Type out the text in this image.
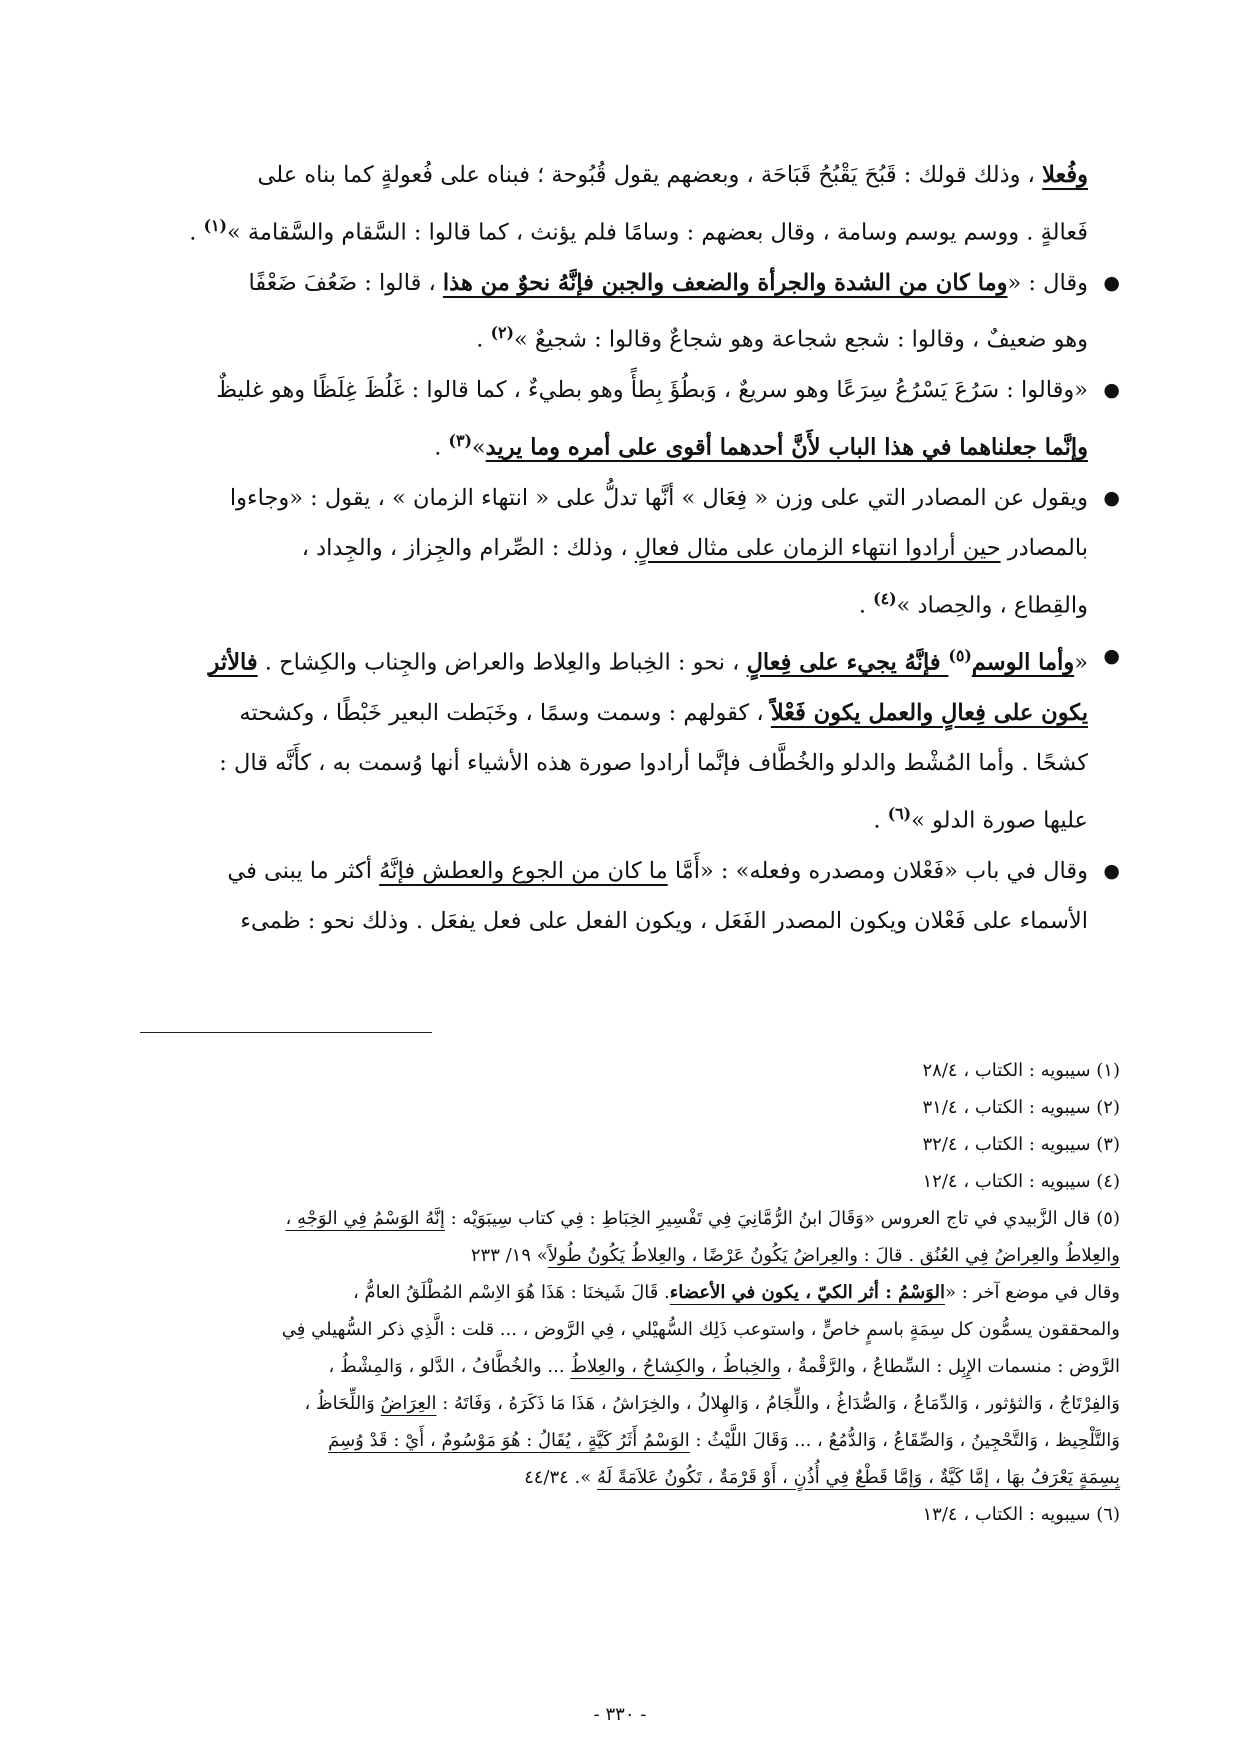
وفُعلا ، وذلك قولك : قَبُحَ يَقْبُحُ قَبَاحَة ، وبعضهم يقول قُبُوحة ؛ فبناه على فُعولةٍ كما بناه على

فَعالةٍ . ووسم يوسم وسامة ، وقال بعضهم : وسامًا فلم يؤنث ، كما قالوا : السَّقام والسَّقامة »$^{(١)}$ .

●
وقال : «وما كان من الشدة والجرأة والضعف والجبن فإنَّهُ نحوٌ من هذا ، قالوا : ضَعُفَ ضَعْفًا

وهو ضعيفٌ ، وقالوا : شجع شجاعة وهو شجاعٌ وقالوا : شجيعٌ »$^{(٢)}$ .

●
«وقالوا : سَرُعَ يَسْرُعُ سِرَعًا وهو سريعٌ ، وَبطُؤَ بِطأً وهو بطيءٌ ، كما قالوا : غَلُظَ غِلَظًا وهو غليظٌ

وإنَّما جعلناهما في هذا الباب لأَنَّ أحدهما أقوى على أمره وما يريد»$^{(٣)}$ .

●
ويقول عن المصادر التي على وزن « فِعَال » أنَّها تدلُّ على « انتهاء الزمان » ، يقول : «وجاءوا

بالمصادر حين أرادوا انتهاء الزمان على مثال فعالٍ ، وذلك : الصِّرام والجِزاز ، والجِداد ،

والقِطاع ، والحِصاد »$^{(٤)}$ .

●
«وأما الوسم$^{(٥)}$ فإنَّهُ يجيء على فِعالٍ ، نحو : الخِباط والعِلاط والعراض والجِناب والكِشاح . فالأثر

يكون على فِعالٍ والعمل يكون فَعْلاً ، كقولهم : وسمت وسمًا ، وخَبَطت البعير خَبْطًا ، وكشحته

كشحًا . وأما المُشْط والدلو والخُطَّاف فإنَّما أرادوا صورة هذه الأشياء أنها وُسمت به ، كأَنَّه قال :

عليها صورة الدلو »$^{(٦)}$ .

●
وقال في باب «فَعْلان ومصدره وفعله» : «أَمَّا ما كان من الجوع والعطش فإنَّهُ أكثر ما يبنى في

الأسماء على فَعْلان ويكون المصدر الفَعَل ، ويكون الفعل على فعل يفعَل . وذلك نحو : ظمىء

(١) سيبويه : الكتاب ، ٢٨/٤

(٢) سيبويه : الكتاب ، ٣١/٤

(٣) سيبويه : الكتاب ، ٣٢/٤

(٤) سيبويه : الكتاب ، ١٢/٤

(٥) قال الزَّبيدي في تاج العروس «وَقَالَ ابنُ الرُّمَّانِيَ فِي تَفْسِيرِ الخِبَاطِ : فِي كتاب سِيبَوَيْه : إنَّهُ الوَسْمُ فِي الوَجْهِ ،

والعِلاطُ والعِراضُ فِي العُنُق . قالَ : والعِراضُ يَكُونُ عَرْضًا ، والعِلاطُ يَكُونُ طُولاً» ١٩/ ٢٣٣

وقال في موضع آخر : «الوَسْمُ : أثر الكيّ ، يكون في الأعضاء. قَالَ شَيخنَا : هَذَا هُوَ الاِسْم المُطْلَقُ العامُّ ،

والمحققون يسمُّون كل سِمَةٍ باسمٍ خاصٍّ ، واستوعب ذَلِك السُّهيْلي ، فِي الرَّوض ، ... قلت : الَّذِي ذكر السُّهيلي فِي

الرَّوض : منسمات الإِبِل : السِّطاعُ ، والرَّقْمةُ ، والخِباطُ ، والكِشاحُ ، والعِلاطُ ... والخُطَّافُ ، الدَّلو ، وَالمِشْطُ ،

وَالفِرْتَاجُ ، وَالثؤثور ، وَالدِّمَاعُ ، وَالصُّدَاغُ ، واللِّجَامُ ، وَالهِلالُ ، والخِرَاشُ ، هَذَا مَا ذَكَرَهُ ، وَفَاتَهُ : العِرَاضُ وَاللِّحَاظُ ،

وَالتَّلْحِيظ ، وَالتَّحْجِينُ ، وَالصِّقَاعُ ، وَالدُّمُعُ ، ... وَقَالَ اللَّيْثُ : الوَسْمُ أَثَرُ كَيَّةٍ ، يُقَالُ : هُوَ مَوْسُومٌ ، أَيْ : قَدْ وُسِمَ

بِسِمَةٍ يَعْرَفُ بهَا ، إمَّا كَيَّةٌ ، وَإمَّا قَطْعٌ فِي أُذُنٍ ، أَوْ قَرْمَةٌ ، تَكُونُ عَلاَمَةً لَهُ ». ٤٤/٣٤

(٦) سيبويه : الكتاب ، ١٣/٤

- ٣٣٠ -
